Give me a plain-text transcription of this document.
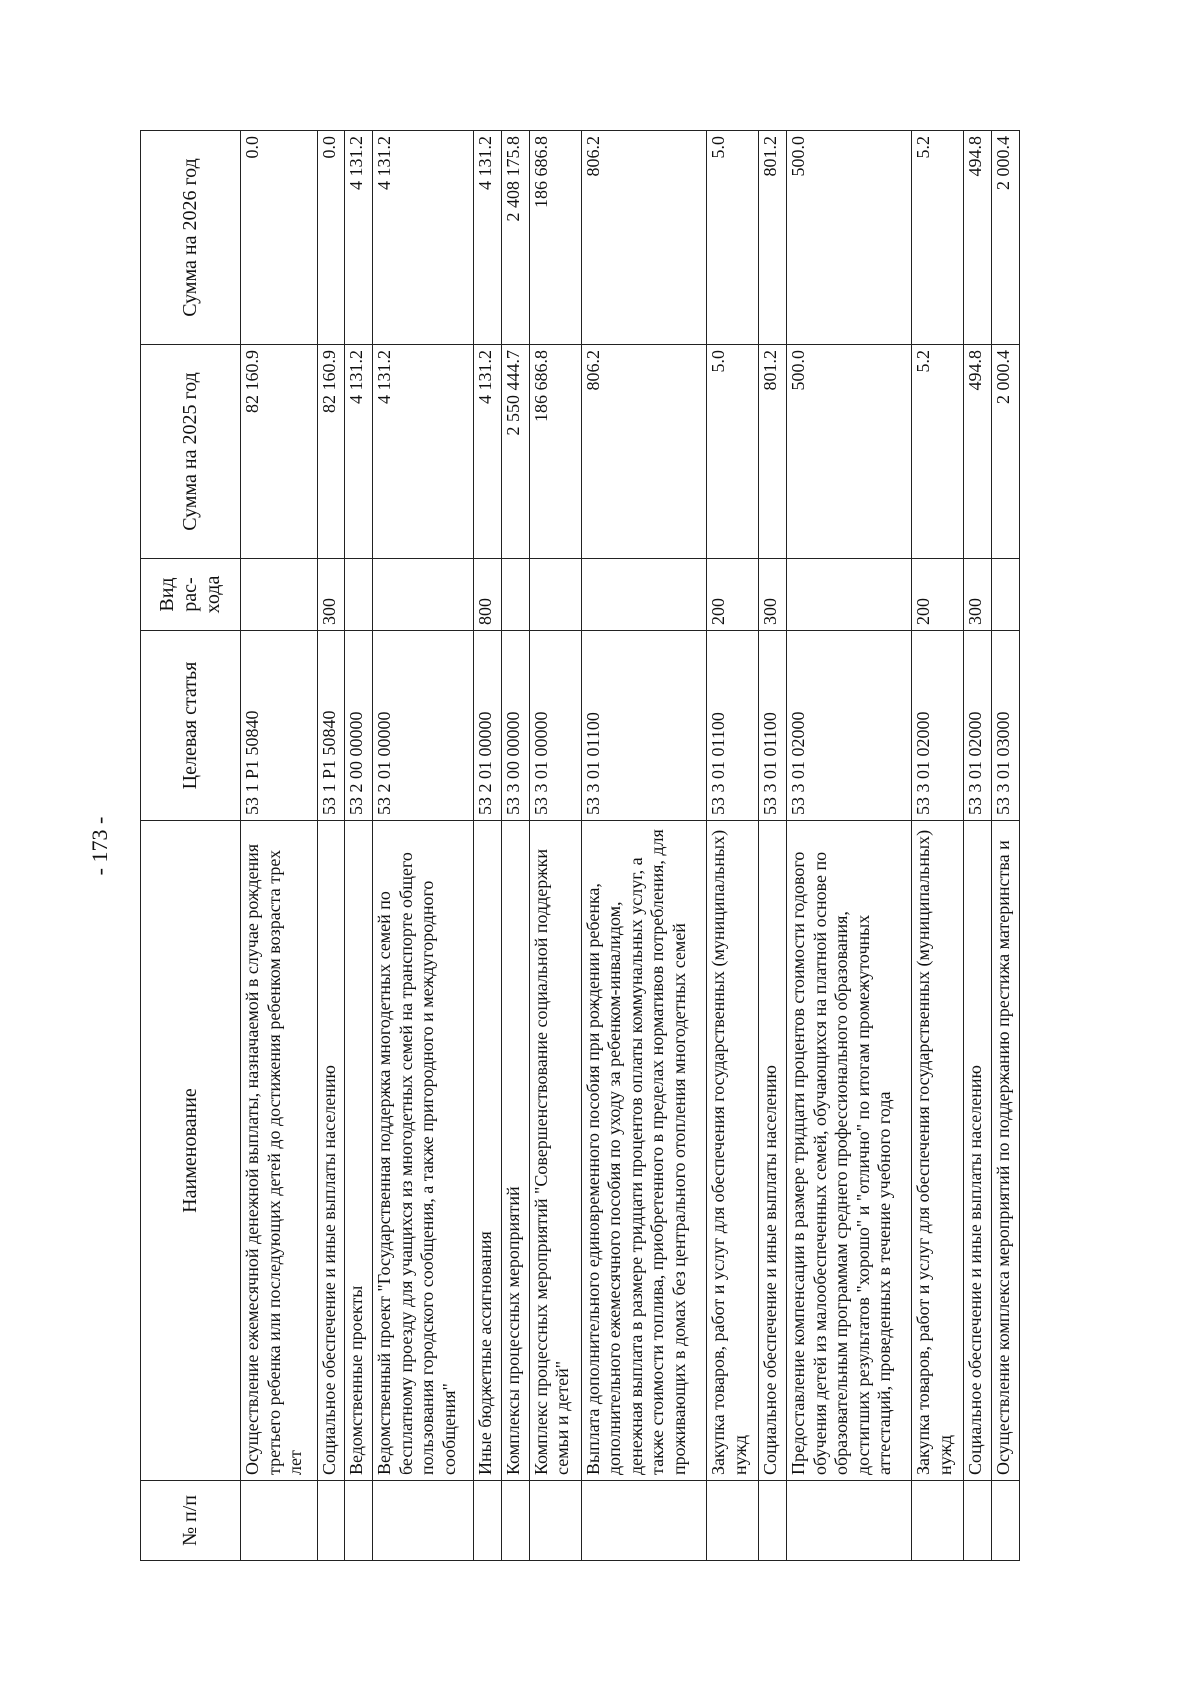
- 173 -
№ п/п	Наименование	Целевая статья	Вид рас-хода	Сумма на 2025 год	Сумма на 2026 год
	Осуществление ежемесячной денежной выплаты, назначаемой в случае рождения третьего ребенка или последующих детей до достижения ребенком возраста трех лет	53 1 Р1 50840		82 160.9	0.0
	Социальное обеспечение и иные выплаты населению	53 1 Р1 50840	300	82 160.9	0.0
	Ведомственные проекты	53 2 00 00000		4 131.2	4 131.2
	Ведомственный проект "Государственная поддержка многодетных семей по бесплатному проезду для учащихся из многодетных семей на транспорте общего пользования городского сообщения, а также пригородного и междугородного сообщения"	53 2 01 00000		4 131.2	4 131.2
	Иные бюджетные ассигнования	53 2 01 00000	800	4 131.2	4 131.2
	Комплексы процессных мероприятий	53 3 00 00000		2 550 444.7	2 408 175.8
	Комплекс процессных мероприятий "Совершенствование социальной поддержки семьи и детей"	53 3 01 00000		186 686.8	186 686.8
	Выплата дополнительного единовременного пособия при рождении ребенка, дополнительного ежемесячного пособия по уходу за ребенком-инвалидом, денежная выплата в размере тридцати процентов оплаты коммунальных услуг, а также стоимости топлива, приобретенного в пределах нормативов потребления, для проживающих в домах без центрального отопления многодетных семей	53 3 01 01100		806.2	806.2
	Закупка товаров, работ и услуг для обеспечения государственных (муниципальных) нужд	53 3 01 01100	200	5.0	5.0
	Социальное обеспечение и иные выплаты населению	53 3 01 01100	300	801.2	801.2
	Предоставление компенсации в размере тридцати процентов стоимости годового обучения детей из малообеспеченных семей, обучающихся на платной основе по образовательным программам среднего профессионального образования, достигших результатов "хорошо" и "отлично" по итогам промежуточных аттестаций, проведенных в течение учебного года	53 3 01 02000		500.0	500.0
	Закупка товаров, работ и услуг для обеспечения государственных (муниципальных) нужд	53 3 01 02000	200	5.2	5.2
	Социальное обеспечение и иные выплаты населению	53 3 01 02000	300	494.8	494.8
	Осуществление комплекса мероприятий по поддержанию престижа материнства и	53 3 01 03000		2 000.4	2 000.4
